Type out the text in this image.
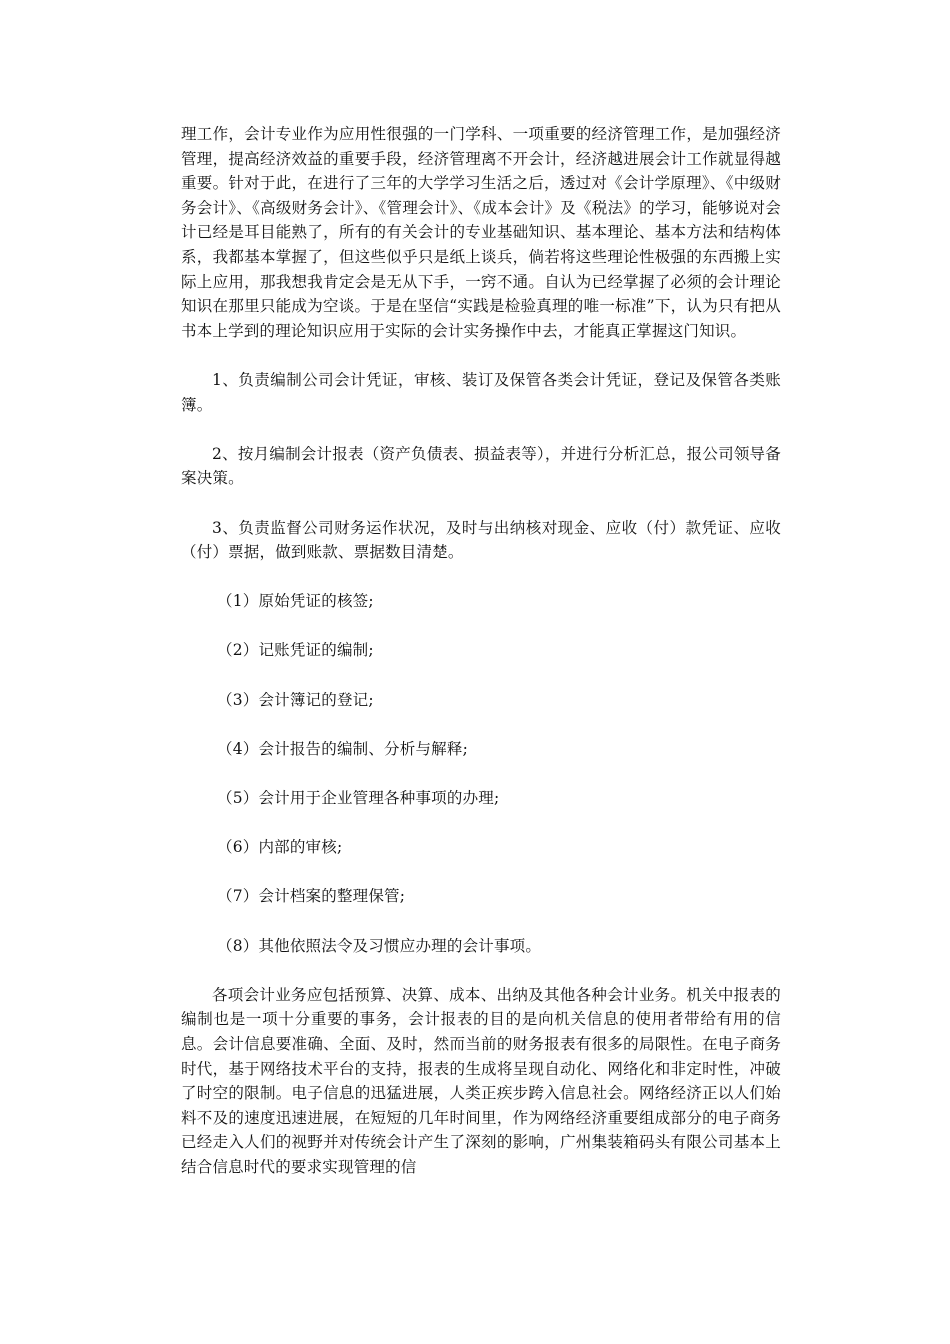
理工作，会计专业作为应用性很强的一门学科、一项重要的经济管理工作，是加强经济管理，提高经济效益的重要手段，经济管理离不开会计，经济越进展会计工作就显得越重要。针对于此，在进行了三年的大学学习生活之后，透过对《会计学原理》、《中级财务会计》、《高级财务会计》、《管理会计》、《成本会计》及《税法》的学习，能够说对会计已经是耳目能熟了，所有的有关会计的专业基础知识、基本理论、基本方法和结构体系，我都基本掌握了，但这些似乎只是纸上谈兵，倘若将这些理论性极强的东西搬上实际上应用，那我想我肯定会是无从下手，一窍不通。自认为已经掌握了必须的会计理论知识在那里只能成为空谈。于是在坚信“实践是检验真理的唯一标准”下，认为只有把从书本上学到的理论知识应用于实际的会计实务操作中去，才能真正掌握这门知识。

1、负责编制公司会计凭证，审核、装订及保管各类会计凭证，登记及保管各类账簿。

2、按月编制会计报表（资产负债表、损益表等），并进行分析汇总，报公司领导备案决策。

3、负责监督公司财务运作状况，及时与出纳核对现金、应收（付）款凭证、应收（付）票据，做到账款、票据数目清楚。

（1）原始凭证的核签;

（2）记账凭证的编制;

（3）会计簿记的登记;

（4）会计报告的编制、分析与解释;

（5）会计用于企业管理各种事项的办理;

（6）内部的审核;

（7）会计档案的整理保管;

（8）其他依照法令及习惯应办理的会计事项。

各项会计业务应包括预算、决算、成本、出纳及其他各种会计业务。机关中报表的编制也是一项十分重要的事务，会计报表的目的是向机关信息的使用者带给有用的信息。会计信息要准确、全面、及时，然而当前的财务报表有很多的局限性。在电子商务时代，基于网络技术平台的支持，报表的生成将呈现自动化、网络化和非定时性，冲破了时空的限制。电子信息的迅猛进展，人类正疾步跨入信息社会。网络经济正以人们始料不及的速度迅速进展，在短短的几年时间里，作为网络经济重要组成部分的电子商务已经走入人们的视野并对传统会计产生了深刻的影响，广州集装箱码头有限公司基本上结合信息时代的要求实现管理的信
